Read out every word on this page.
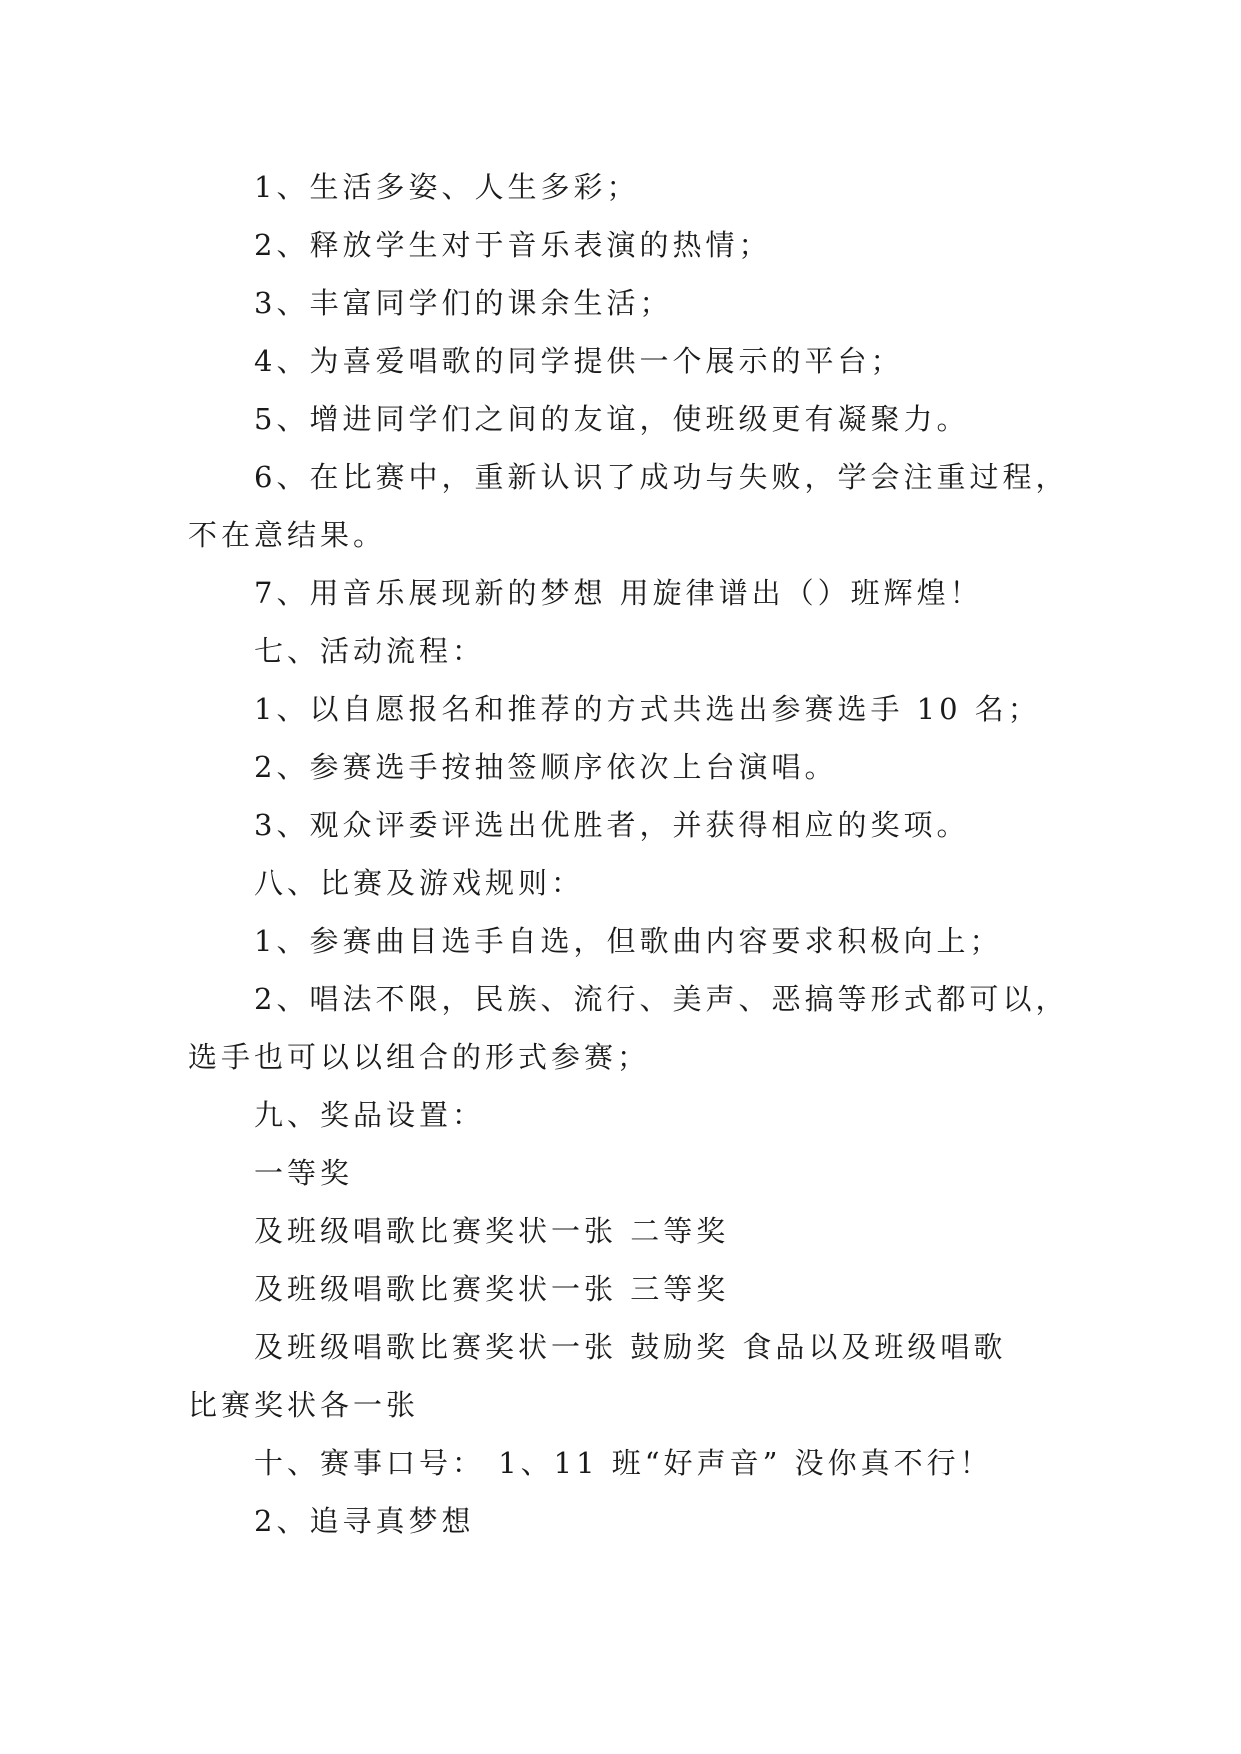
1、生活多姿、人生多彩；
2、释放学生对于音乐表演的热情；
3、丰富同学们的课余生活；
4、为喜爱唱歌的同学提供一个展示的平台；
5、增进同学们之间的友谊，使班级更有凝聚力。
6、在比赛中，重新认识了成功与失败，学会注重过程，
不在意结果。
7、用音乐展现新的梦想 用旋律谱出（）班辉煌！
七、活动流程：
1、以自愿报名和推荐的方式共选出参赛选手 10 名；
2、参赛选手按抽签顺序依次上台演唱。
3、观众评委评选出优胜者，并获得相应的奖项。
八、比赛及游戏规则：
1、参赛曲目选手自选，但歌曲内容要求积极向上；
2、唱法不限，民族、流行、美声、恶搞等形式都可以，
选手也可以以组合的形式参赛；
九、奖品设置：
一等奖
及班级唱歌比赛奖状一张 二等奖
及班级唱歌比赛奖状一张 三等奖
及班级唱歌比赛奖状一张 鼓励奖 食品以及班级唱歌
比赛奖状各一张
十、赛事口号： 1、11 班“好声音” 没你真不行！
2、追寻真梦想
